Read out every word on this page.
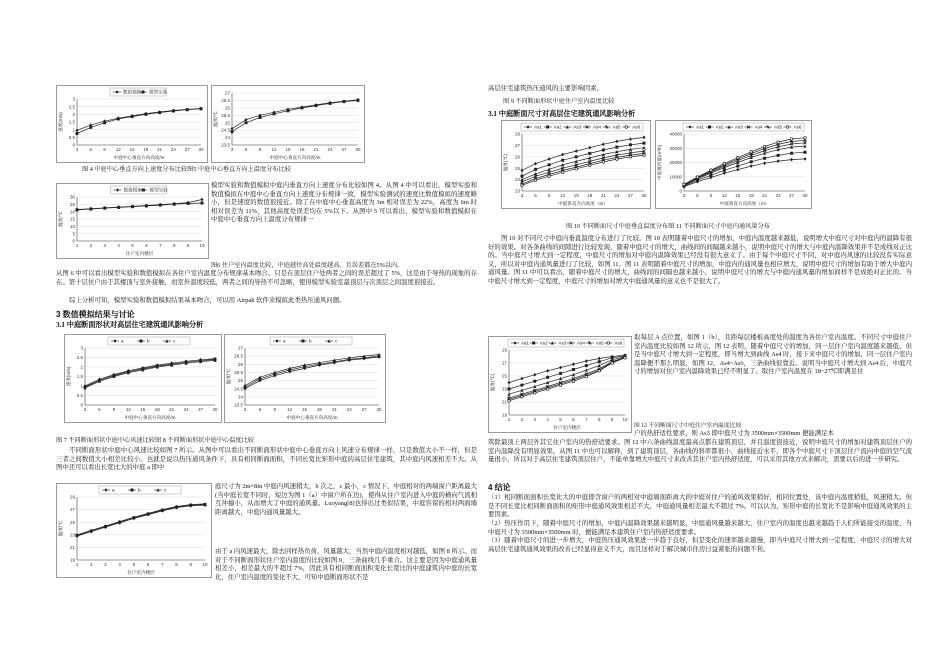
0
0.5
1
1.5
2
2.5
3
3	6	9 12 15 18 21 24 27 30
中庭中心垂直方向高度/m
速度(m/s)
数值模拟 模型实验
23.5
24
24.5
25
25.5
26
26.5
27
3	6	9 12 15 18 21 24 27 30
中庭中心垂直方向高度/m
温度/℃
图 4 中庭中心垂直方向上速度分布比较图5 中庭中心垂直方向上温度分布比较
0
5
10
15
20
25
30
1	2	3	4	5	6	7	8	9 10
住户室内楼层
温度/℃
数值模拟 模型实验

模型实验和数值模拟中庭内垂直方向上速度分布比较如图 4。从图 4 中可以看出，模型实验和数值模拟在中庭中心垂直方向上速度分布规律一致，模型实验测试的速度比数值模拟的速度略小，但是速度的数值很接近。除了在中庭中心垂直高度为 3m 相对误差为 22%，高度为 6m 时相对误差为 11%，其他高度处误差均在 5%以下。从图中 5 可以看出，模型实验和数值模拟在中庭中心垂直方向上温度分布规律一

图6 住户室内温度比较，中庭越往高处温度越高。且误差都在5%以内。

从图 6 中可以看出模型实验和数值模拟在各住户室内温度分布规律基本吻合。只是在顶层住户处两者之间的误差超过了 5%，这是由于导热的现象的存在。第十层住户由于其楼顶与室外接触，而室外温度较低，两者之间的导热不可忽略，使得模型实验室最顶层与次顶层之间温度很接近。

综上分析可知，模型实验和数值模拟结果基本吻合，可以用 Airpak 软件来模拟此类热压通风问题。

3 数值模拟结果与讨论
3.1 中庭断面形状对高层住宅建筑通风影响分析
0
0.5
1
1.5
2
2.5
3
3	6	9 12 15 18 21 24 27 30
中庭中心垂直方向高度/m
速度(m/s)
a	b	c
23.5
24
24.5
25
25.5
26
26.5
27
3	6	9 12 15 18 21 24 27 30
中庭中心垂直方向高度/m
温度/℃
a	b	c
图 7 不同断面形状中庭中心风速比较图 8 不同断面形状中庭中心温度比较

不同断面形状中庭中心风速比较如图 7 所示。从图中可以看出不同断面形状中庭中心垂直方向上风速分布规律一样，只是数值大小不一样，但是三者之间数值大小相差比较小。也就是说以热压通风条件下，具有相同断面面积，不同长宽比矩形中庭的高层住宅建筑，其中庭内风速相差不大。从图中还可以看出长宽比大的中庭 a 即中

19
21
23
25
27
29
1	2	3	4	5	6	7	8	9 10
住户室内楼层
温度/℃
a	b	c

庭尺寸为 2m×8m 中庭内风速稍大，b 次之，c 最小，c 情况下，中庭相对的两端窗户距离最大(当中庭长宽不同时，短边为图 1（a）中窗户所在边)，使得从住户室内进入中庭的横向气流相互冲撞小，从而增大了中庭的通风量。Luoyang[8]也得出过类似结果，中庭容留的相对两面墙距离越大，中庭内通风量越大。

由于 a 内风速最大，除去同样热负荷，风量越大，当然中庭内温度相对越低，如图 8 所示。而对于不同断面形状住户室内温度的比较如图 9，三条曲线几乎重合。这主要是因为中庭通风量相差小，相差最大的不超过 7%，因此具有相同断面面积变化长宽比的中庭建筑内中庭的长宽比，住户室内温度的变化不大，可知中庭断面形状不是

高层住宅建筑热压通风的主要影响因素。
图 9 不同断面形状中庭住户室内温度比较
3.1 中庭断面尺寸对高层住宅建筑通风影响分析
23
24
25
26
27
28
3 6 9 12 15 18 21 24 27 30
中庭垂直方向高度（m）
温度(℃)
As1	As2	As3	As4	As5	As6
0
10000
20000
30000
40000
3 6 9 12 15 18 21 24 27 30
中庭垂直方向高度（m）
中庭通风量(m³/h)
As1	As2	As3	As4	As5	As6
图 10 不同断面尺寸中庭垂直温度分布图 11 不同断面尺寸中庭内通风量分布

图 10 对不同尺寸中庭内垂直温度分布进行了比较。图 10 表明随着中庭尺寸的增加，中庭内温度越来越低，说明增大中庭尺寸对中庭内的温降有很好的效果。对各条曲线的间隙进行比较发现，随着中庭尺寸的增大，曲线间的间隔越来越小，说明中庭尺寸的增大与中庭内温降效果并不是成线对正比的。当中庭尺寸增大到一定程度，中庭尺寸的增加对中庭内温降效果已经没有很大意义了。由于每个中庭尺寸不同，对中庭内风速的比较没有实际意义，所以对中庭内通风量进行了比较，如图 11。图 11 表明随着中庭尺寸的增加，中庭内的通风量也相应增大，说明中庭尺寸的增加有助于增大中庭内通风量。图 11 中可以看出，随着中庭尺寸的增大，曲线间的间隔也越来越小，说明中庭尺寸的增大与中庭内通风量的增加间样不是成绝对正比的。当中庭尺寸增大到一定程度，中庭尺寸的增加对增大中庭通风量的意义也不是很大了。

19
21
23
25
27
29
1 2 3 4 5 6 7 8 9 10
住户室内楼层
温度(℃)
As1 As2 As3 As4 As5 As6

取每层 A 点位置，如图 1（b），且距每层楼板高度处的温度为各住户室内温度。不同尺寸中庭住户室内温度比较如图 12 所示，图 12 表明，随着中庭尺寸的增加，同一层住户室内温度越来越低，但是当中庭尺寸增大到一定程度，即当增大到曲线 As4 时，接下来中庭尺寸的增加，同一层住户室内温降便不那么明显，如图 12，As4~As6，三条曲线很靠近。说明当中庭尺寸增大到 As4 后，中庭尺寸的增加对住户室内温降效果已经不明显了。取住户室内温度在 18~27℃即满足住

图 12 不同断面尺寸中庭住户室内温度比较

户的热舒适性要求，则 As3 即中庭尺寸为 3500mm×3500mm 便能满足本

筑除最顶上两层外其它住户室内的热舒适要求。图 12 中六条曲线温度最高点都在建筑顶层，并且温度很接近，说明中庭尺寸的增加对建筑顶层住户的室内温降没有明显效果。从图 11 中也可以解释，到了建筑顶层，各曲线的斜率都很小，曲线接近水平，即各个中庭尺寸下顶层住户流向中庭的空气流量很小，所以对于高层住宅建筑顶层住户，不能单靠增大中庭尺寸来改善其住户室内热舒适度，可以采用其他方式来解决，需要以后的进一步研究。

4 结论

（1）相同断面面积长宽比大的中庭即含窗户的两相对中庭墙面距离大的中庭对住户的通风效果稍好，相同位置处，该中庭内温度稍低，风速稍大。但是不同长宽比相同断面面积的矩形中庭通风效果相差不大，中庭通风量相差最大不超过 7%。可以认为，矩形中庭的长宽比不是影响中庭通风效果的主要因素。

（2）热压作用下，随着中庭尺寸的增加，中庭内温降效果越来越明显，中庭通风量越来越大，住户室内的温度也越来越趋于人们所能接受的温度，当中庭尺寸为 3500mm×3500mm 时，便能满足本建筑住户室内热舒适度要求。

（3）随着中庭尺寸的进一步增大，中庭热压通风效果进一步趋于良好，但是变化的速率越来越慢，即当中庭尺寸增大到一定程度，中庭尺寸的增大对高层住宅建筑通风效果的改善已经显得意义不大，而且这样对于解决城市住房日益紧张的问题不利。
